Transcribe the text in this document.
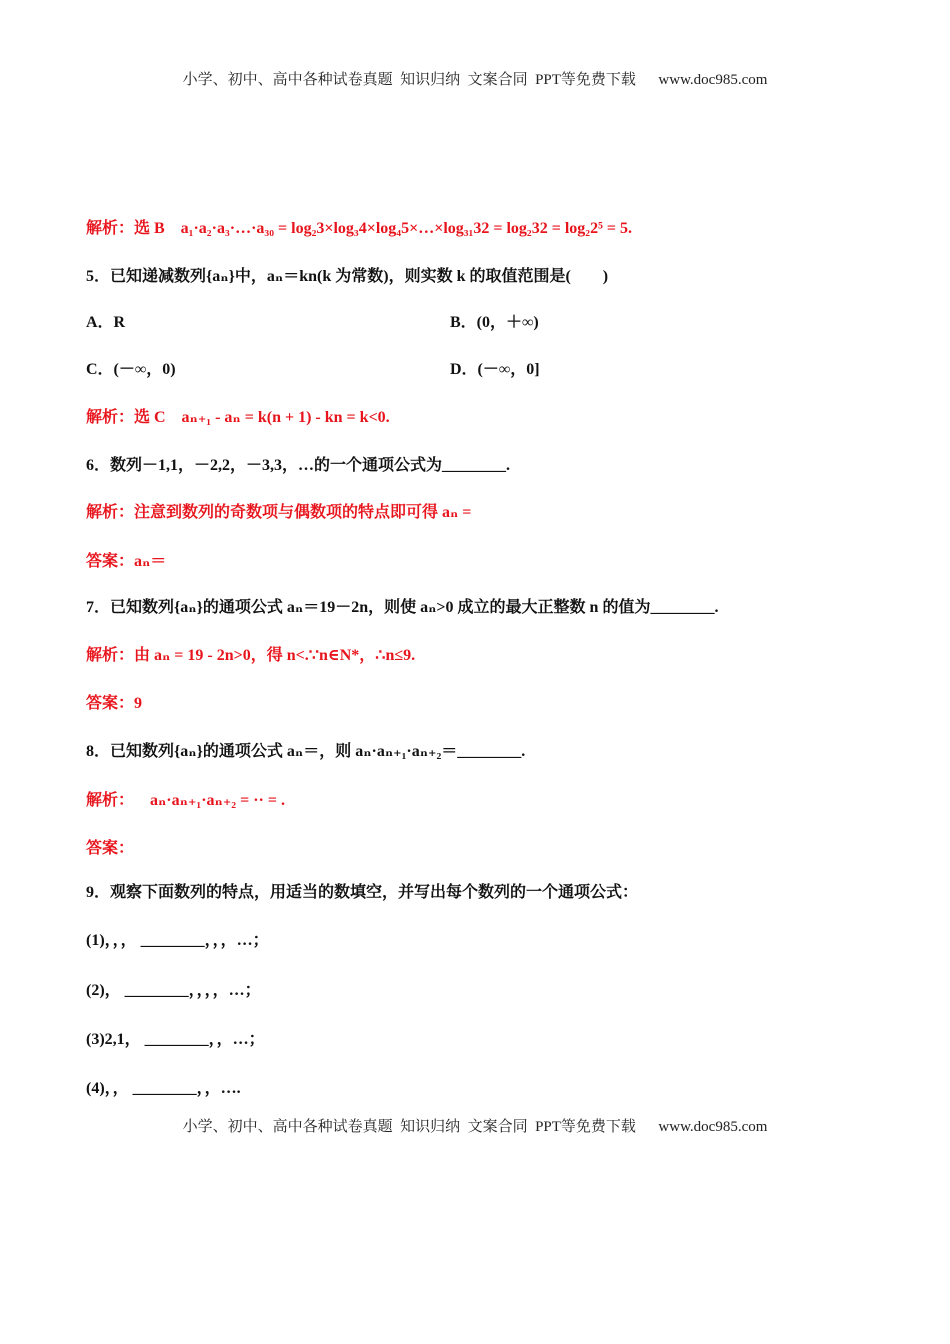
小学、初中、高中各种试卷真题  知识归纳  文案合同  PPT等免费下载      www.doc985.com
解析：选 B    a₁·a₂·a₃·…·a₃₀ = log₂3×log₃4×log₄5×…×log₃₁32 = log₂32 = log₂2⁵ = 5.
5．已知递减数列{aₙ}中，aₙ＝kn(k 为常数)，则实数 k 的取值范围是(　　)
A．R	B．(0，＋∞)
C．(－∞，0)	D．(－∞，0]
解析：选 C    aₙ₊₁ - aₙ = k(n + 1) - kn = k<0.
6．数列－1,1，－2,2，－3,3，…的一个通项公式为________.
解析：注意到数列的奇数项与偶数项的特点即可得 aₙ =
答案：aₙ＝
7．已知数列{aₙ}的通项公式 aₙ＝19－2n，则使 aₙ>0 成立的最大正整数 n 的值为________.
解析：由 aₙ = 19 - 2n>0，得 n<.∵n∈N*，∴n≤9.
答案：9
8．已知数列{aₙ}的通项公式 aₙ＝，则 aₙ·aₙ₊₁·aₙ₊₂＝________.
解析：    aₙ·aₙ₊₁·aₙ₊₂ = ·· = .
答案：
9．观察下面数列的特点，用适当的数填空，并写出每个数列的一个通项公式：
(1)，，， ________，，，…；
(2)， ________，，，，…；
(3)2,1， ________，，…；
(4)，， ________，，….
小学、初中、高中各种试卷真题  知识归纳  文案合同  PPT等免费下载      www.doc985.com
